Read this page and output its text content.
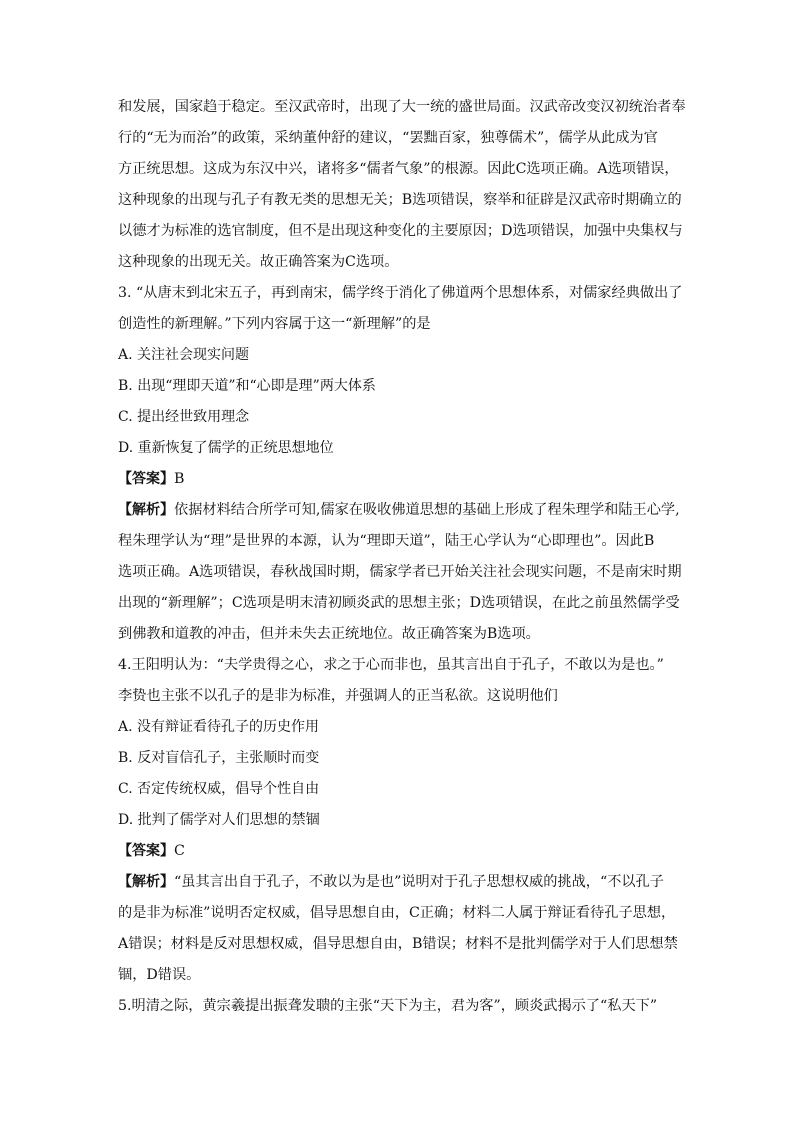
和发展，国家趋于稳定。至汉武帝时，出现了大一统的盛世局面。汉武帝改变汉初统治者奉
行的“无为而治”的政策，采纳董仲舒的建议，“罢黜百家，独尊儒术”，儒学从此成为官
方正统思想。这成为东汉中兴，诸将多“儒者气象”的根源。因此C选项正确。A选项错误，
这种现象的出现与孔子有教无类的思想无关；B选项错误，察举和征辟是汉武帝时期确立的
以德才为标准的选官制度，但不是出现这种变化的主要原因；D选项错误，加强中央集权与
这种现象的出现无关。故正确答案为C选项。
3. “从唐末到北宋五子，再到南宋，儒学终于消化了佛道两个思想体系，对儒家经典做出了
创造性的新理解。”下列内容属于这一“新理解”的是
A. 关注社会现实问题
B. 出现“理即天道”和“心即是理”两大体系
C. 提出经世致用理念
D. 重新恢复了儒学的正统思想地位
【答案】B
【解析】依据材料结合所学可知,儒家在吸收佛道思想的基础上形成了程朱理学和陆王心学,
程朱理学认为“理”是世界的本源，认为“理即天道”，陆王心学认为“心即理也”。因此B
选项正确。A选项错误，春秋战国时期，儒家学者已开始关注社会现实问题，不是南宋时期
出现的“新理解”；C选项是明末清初顾炎武的思想主张；D选项错误，在此之前虽然儒学受
到佛教和道教的冲击，但并未失去正统地位。故正确答案为B选项。
4.王阳明认为：“夫学贵得之心，求之于心而非也，虽其言出自于孔子，不敢以为是也。”
李贽也主张不以孔子的是非为标准，并强调人的正当私欲。这说明他们
A. 没有辩证看待孔子的历史作用
B. 反对盲信孔子，主张顺时而变
C. 否定传统权威，倡导个性自由
D. 批判了儒学对人们思想的禁锢
【答案】C
【解析】“虽其言出自于孔子，不敢以为是也”说明对于孔子思想权威的挑战，“不以孔子
的是非为标准”说明否定权威，倡导思想自由，C正确；材料二人属于辩证看待孔子思想，
A错误；材料是反对思想权威，倡导思想自由，B错误；材料不是批判儒学对于人们思想禁
锢，D错误。
5.明清之际，黄宗羲提出振聋发聩的主张“天下为主，君为客”，顾炎武揭示了“私天下”
